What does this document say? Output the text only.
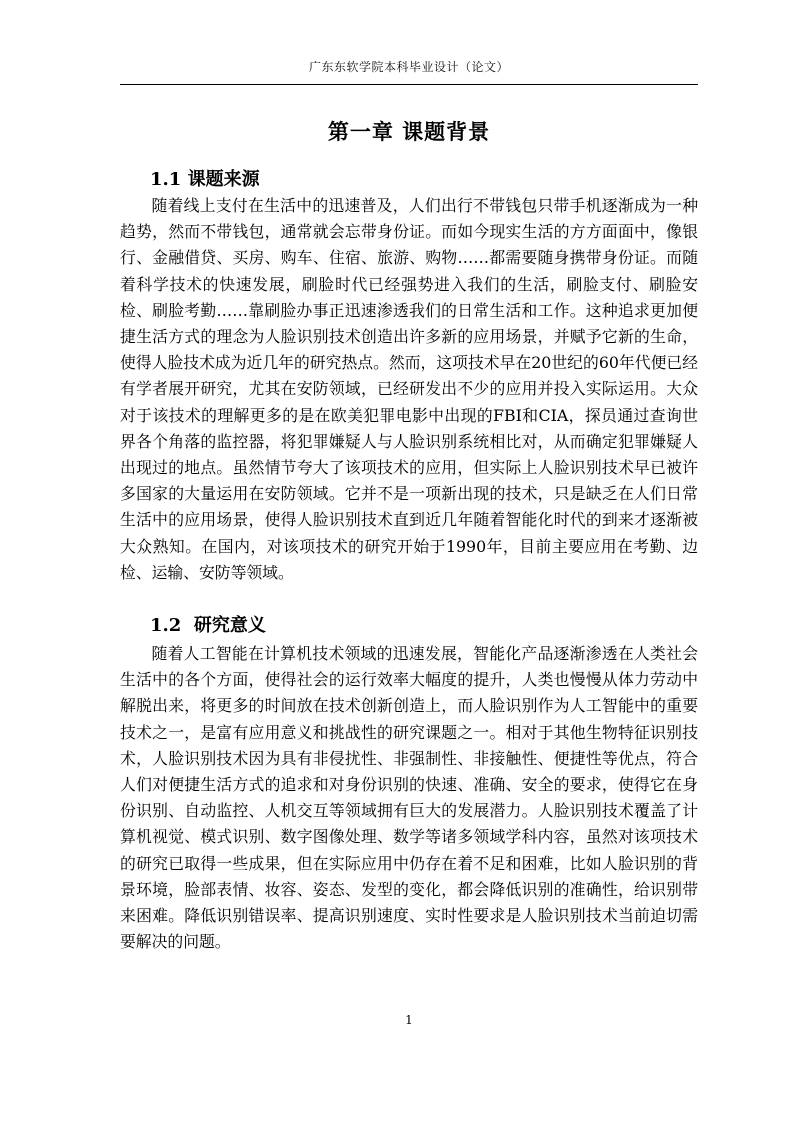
广东东软学院本科毕业设计（论文）
第一章 课题背景
1.1 课题来源

随着线上支付在生活中的迅速普及，人们出行不带钱包只带手机逐渐成为一种趋势，然而不带钱包，通常就会忘带身份证。而如今现实生活的方方面面中，像银行、金融借贷、买房、购车、住宿、旅游、购物……都需要随身携带身份证。而随着科学技术的快速发展，刷脸时代已经强势进入我们的生活，刷脸支付、刷脸安检、刷脸考勤……靠刷脸办事正迅速渗透我们的日常生活和工作。这种追求更加便捷生活方式的理念为人脸识别技术创造出许多新的应用场景，并赋予它新的生命，使得人脸技术成为近几年的研究热点。然而，这项技术早在20世纪的60年代便已经有学者展开研究，尤其在安防领域，已经研发出不少的应用并投入实际运用。大众对于该技术的理解更多的是在欧美犯罪电影中出现的FBI和CIA，探员通过查询世界各个角落的监控器，将犯罪嫌疑人与人脸识别系统相比对，从而确定犯罪嫌疑人出现过的地点。虽然情节夸大了该项技术的应用，但实际上人脸识别技术早已被许多国家的大量运用在安防领域。它并不是一项新出现的技术，只是缺乏在人们日常生活中的应用场景，使得人脸识别技术直到近几年随着智能化时代的到来才逐渐被大众熟知。在国内，对该项技术的研究开始于1990年，目前主要应用在考勤、边检、运输、安防等领域。

1.2  研究意义

随着人工智能在计算机技术领域的迅速发展，智能化产品逐渐渗透在人类社会生活中的各个方面，使得社会的运行效率大幅度的提升，人类也慢慢从体力劳动中解脱出来，将更多的时间放在技术创新创造上，而人脸识别作为人工智能中的重要技术之一，是富有应用意义和挑战性的研究课题之一。相对于其他生物特征识别技术，人脸识别技术因为具有非侵扰性、非强制性、非接触性、便捷性等优点，符合人们对便捷生活方式的追求和对身份识别的快速、准确、安全的要求，使得它在身份识别、自动监控、人机交互等领域拥有巨大的发展潜力。人脸识别技术覆盖了计算机视觉、模式识别、数字图像处理、数学等诸多领域学科内容，虽然对该项技术的研究已取得一些成果，但在实际应用中仍存在着不足和困难，比如人脸识别的背景环境，脸部表情、妆容、姿态、发型的变化，都会降低识别的准确性，给识别带来困难。降低识别错误率、提高识别速度、实时性要求是人脸识别技术当前迫切需要解决的问题。

1
